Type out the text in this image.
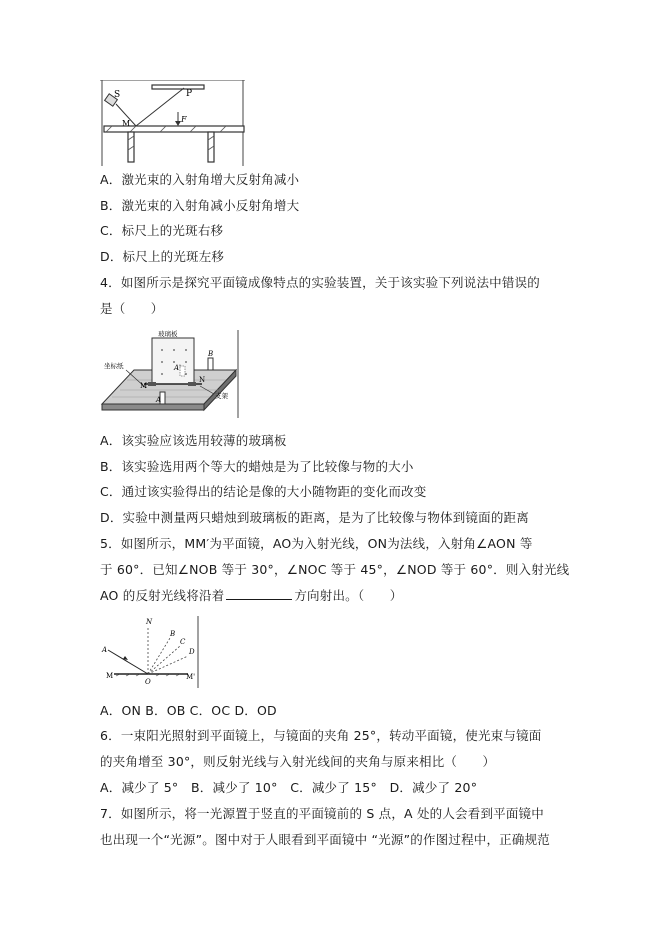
S	P
M	F
A．激光束的入射角增大反射角减小
B．激光束的入射角减小反射角增大
C．标尺上的光斑右移
D．标尺上的光斑左移
4．如图所示是探究平面镜成像特点的实验装置，关于该实验下列说法中错误的
是（　　）
玻璃板
坐标纸
支架
A
A'
B
M
N
A．该实验应该选用较薄的玻璃板
B．该实验选用两个等大的蜡烛是为了比较像与物的大小
C．通过该实验得出的结论是像的大小随物距的变化而改变
D．实验中测量两只蜡烛到玻璃板的距离，是为了比较像与物体到镜面的距离
5．如图所示，MM′为平面镜，AO为入射光线，ON为法线，入射角∠AON 等
于 60°．已知∠NOB 等于 30°，∠NOC 等于 45°，∠NOD 等于 60°．则入射光线
AO 的反射光线将沿着	方向射出。（　　）
N
B
C
D
A
M	M'
O
A．ON B．OB C．OC D．OD
6．一束阳光照射到平面镜上，与镜面的夹角 25°，转动平面镜，使光束与镜面
的夹角增至 30°，则反射光线与入射光线间的夹角与原来相比（　　）
A．减少了 5°　B．减少了 10°　C．减少了 15°　D．减少了 20°
7．如图所示，将一光源置于竖直的平面镜前的 S 点，A 处的人会看到平面镜中
也出现一个“光源”。图中对于人眼看到平面镜中 “光源”的作图过程中，正确规范
